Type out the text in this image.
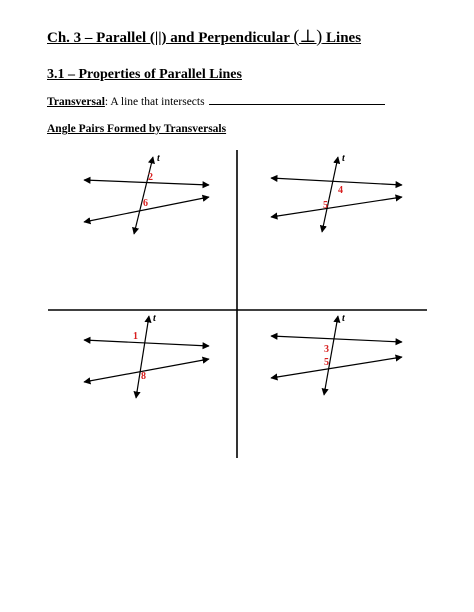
Ch. 3 – Parallel (||) and Perpendicular (⊥) Lines
3.1 – Properties of Parallel Lines
Transversal: A line that intersects
Angle Pairs Formed by Transversals
t
2
6
t
4
5
t
1
8
t
3
5
